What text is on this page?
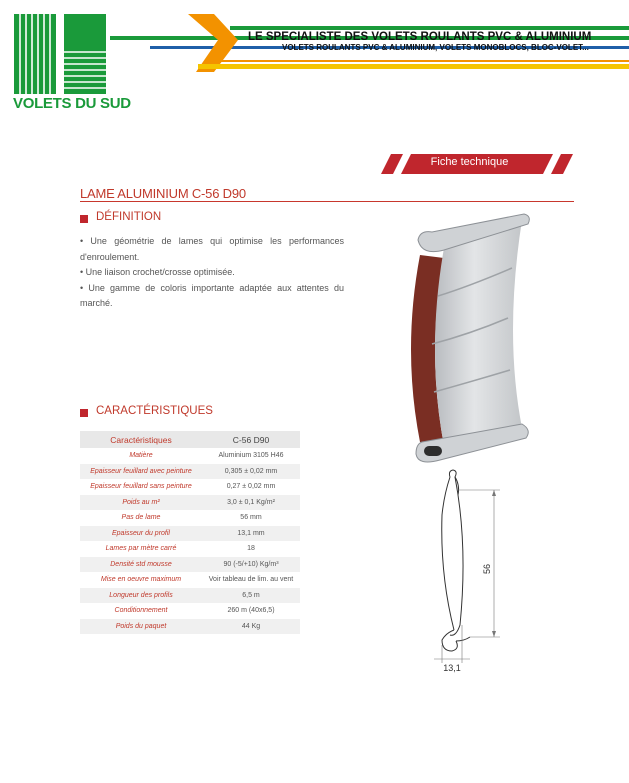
VOLETS DU SUD
LE SPECIALISTE DES VOLETS ROULANTS PVC & ALUMINIUM
VOLETS ROULANTS PVC & ALUMINIUM, VOLETS MONOBLOCS, BLOC-VOLET...
Fiche technique
LAME ALUMINIUM C-56 D90
DÉFINITION

• Une géométrie de lames qui optimise les performances d'enroulement.

• Une liaison crochet/crosse optimisée.

• Une gamme de coloris importante adaptée aux attentes du marché.

CARACTÉRISTIQUES
Caractéristiques	C-56 D90
Matière	Aluminium 3105 H46
Epaisseur feuillard avec peinture	0,305 ± 0,02 mm
Epaisseur feuillard sans peinture	0,27 ± 0,02 mm
Poids au m²	3,0 ± 0,1 Kg/m²
Pas de lame	56 mm
Epaisseur du profil	13,1 mm
Lames par mètre carré	18
Densité std mousse	90 (-5/+10) Kg/m³
Mise en oeuvre maximum	Voir tableau de lim. au vent
Longueur des profils	6,5 m
Conditionnement	260 m (40x6,5)
Poids du paquet	44 Kg
56
13,1
